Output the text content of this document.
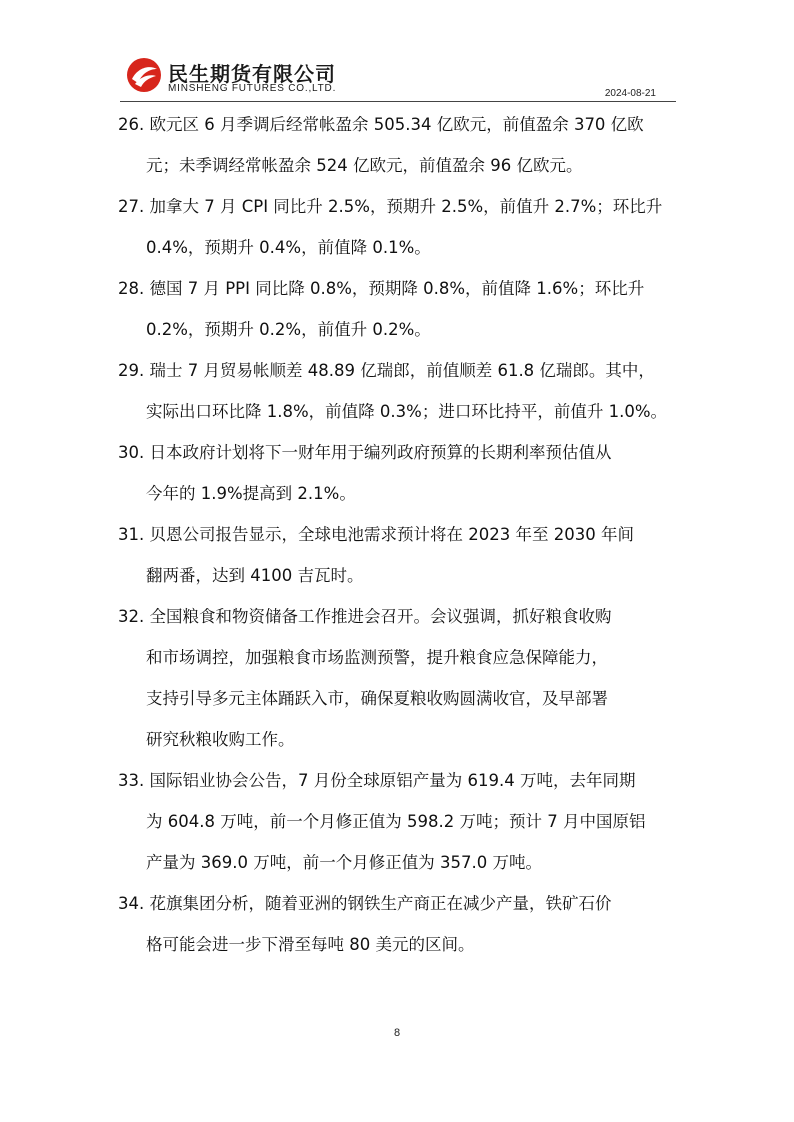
民生期货有限公司
MINSHENG FUTURES CO.,LTD.	2024-08-21
26. 欧元区 6 月季调后经常帐盈余 505.34 亿欧元，前值盈余 370 亿欧
元；未季调经常帐盈余 524 亿欧元，前值盈余 96 亿欧元。
27. 加拿大 7 月 CPI 同比升 2.5%，预期升 2.5%，前值升 2.7%；环比升
0.4%，预期升 0.4%，前值降 0.1%。
28. 德国 7 月 PPI 同比降 0.8%，预期降 0.8%，前值降 1.6%；环比升
0.2%，预期升 0.2%，前值升 0.2%。
29. 瑞士 7 月贸易帐顺差 48.89 亿瑞郎，前值顺差 61.8 亿瑞郎。其中，
实际出口环比降 1.8%，前值降 0.3%；进口环比持平，前值升 1.0%。
30. 日本政府计划将下一财年用于编列政府预算的长期利率预估值从
今年的 1.9%提高到 2.1%。
31. 贝恩公司报告显示，全球电池需求预计将在 2023 年至 2030 年间
翻两番，达到 4100 吉瓦时。
32. 全国粮食和物资储备工作推进会召开。会议强调，抓好粮食收购
和市场调控，加强粮食市场监测预警，提升粮食应急保障能力，
支持引导多元主体踊跃入市，确保夏粮收购圆满收官，及早部署
研究秋粮收购工作。
33. 国际铝业协会公告，7 月份全球原铝产量为 619.4 万吨，去年同期
为 604.8 万吨，前一个月修正值为 598.2 万吨；预计 7 月中国原铝
产量为 369.0 万吨，前一个月修正值为 357.0 万吨。
34. 花旗集团分析，随着亚洲的钢铁生产商正在减少产量，铁矿石价
格可能会进一步下滑至每吨 80 美元的区间。
8
